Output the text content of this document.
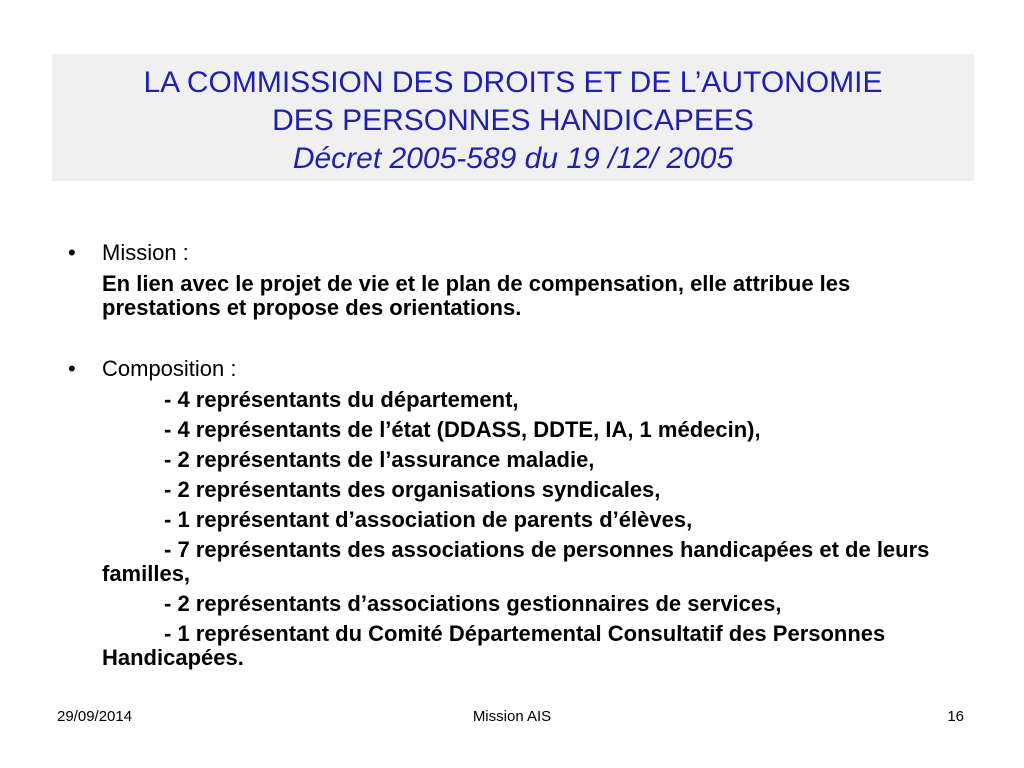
LA COMMISSION DES DROITS ET DE L’AUTONOMIE
DES PERSONNES HANDICAPEES
Décret 2005-589 du 19 /12/ 2005
• Mission :
En lien avec le projet de vie et le plan de compensation, elle attribue les prestations et propose des orientations.
• Composition :
- 4 représentants du département,
- 4 représentants de l’état (DDASS, DDTE, IA, 1 médecin),
- 2 représentants de l’assurance maladie,
- 2 représentants des organisations syndicales,
- 1 représentant d’association de parents d’élèves,
- 7 représentants des associations de personnes handicapées et de leurs familles,
- 2 représentants d’associations gestionnaires de services,
- 1 représentant du Comité Départemental Consultatif des Personnes Handicapées.
29/09/2014	Mission AIS	16
